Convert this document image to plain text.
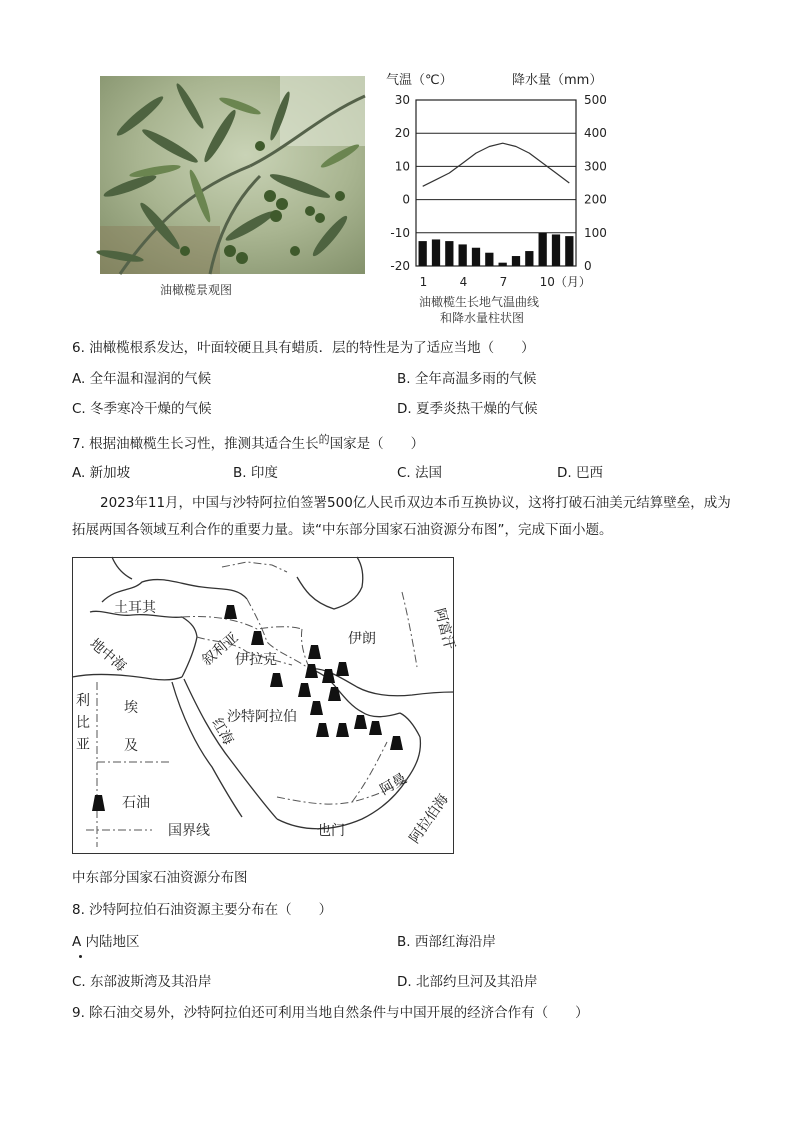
油橄榄景观图
气温（℃）	降水量（mm）
30
20
10
0
-10
-20
500
400
300
200
100
0
1	4	7	10（月）
油橄榄生长地气温曲线
和降水量柱状图
6. 油橄榄根系发达，叶面较硬且具有蜡质．层的特性是为了适应当地（　　）
A. 全年温和湿润的气候	B. 全年高温多雨的气候
C. 冬季寒冷干燥的气候	D. 夏季炎热干燥的气候
7. 根据油橄榄生长习性，推测其适合生长$^的$国家是（　　）
A. 新加坡	B. 印度	C. 法国	D. 巴西
2023年11月，中国与沙特阿拉伯签署500亿人民币双边本币互换协议，这将打破石油美元结算壁垒，成为拓展两国各领域互利合作的重要力量。读“中东部分国家石油资源分布图”，完成下面小题。
土耳其
地中海	叙利亚
伊拉克
伊朗	阿富汗
沙特阿拉伯
红海
阿曼
也门	阿拉伯海
利 比 亚
埃
及
石油
国界线
中东部分国家石油资源分布图
8. 沙特阿拉伯石油资源主要分布在（　　）
A 内陆地区	B. 西部红海沿岸
C. 东部波斯湾及其沿岸	D. 北部约旦河及其沿岸
9. 除石油交易外，沙特阿拉伯还可利用当地自然条件与中国开展的经济合作有（　　）
